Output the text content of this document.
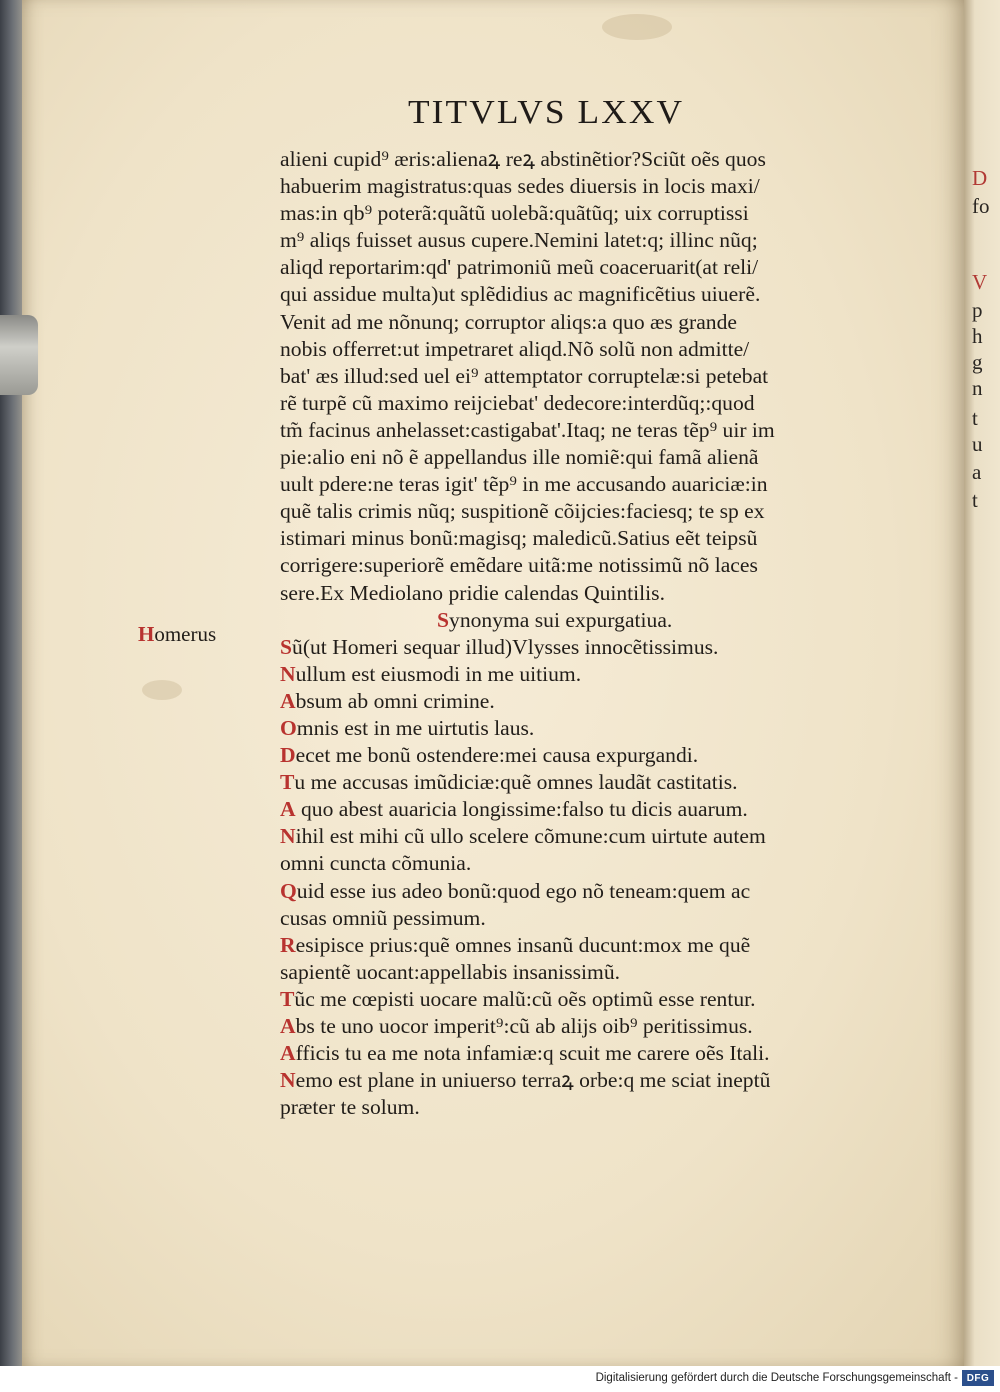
D
fo
V
p
h
g
n
t
u
a
t
TITVLVS LXXV
Homerus
alieni cupid⁹ æris:alienaꝝ reꝝ abstinẽtior?Sciũt oẽs quos
habuerim magistratus:quas sedes diuersis in locis maxi/
mas:in qb⁹ poterã:quãtũ uolebã:quãtũq; uix corruptissi
m⁹ aliqs fuisset ausus cupere.Nemini latet:q; illinc nũq;
aliqd reportarim:qd' patrimoniũ meũ coaceruarit(at reli/
qui assidue multa)ut splẽdidius ac magnificẽtius uiuerẽ.
Venit ad me nõnunq; corruptor aliqs:a quo æs grande
nobis offerret:ut impetraret aliqd.Nõ solũ non admitte/
bat' æs illud:sed uel ei⁹ attemptator corruptelæ:si petebat
rẽ turpẽ cũ maximo reijciebat' dedecore:interdũq;:quod
tm̃ facinus anhelasset:castigabat'.Itaq; ne teras tẽp⁹ uir im
pie:alio eni nõ ẽ appellandus ille nomiẽ:qui famã alienã
uult pdere:ne teras igit' tẽp⁹ in me accusando auariciæ:in
quẽ talis crimis nũq; suspitionẽ cõijcies:faciesq; te sp ex
istimari minus bonũ:magisq; maledicũ.Satius eẽt teipsũ
corrigere:superiorẽ emẽdare uitã:me notissimũ nõ laces
sere.Ex Mediolano pridie calendas Quintilis.
Synonyma sui expurgatiua.
Sũ(ut Homeri sequar illud)Vlysses innocẽtissimus.
Nullum est eiusmodi in me uitium.
Absum ab omni crimine.
Omnis est in me uirtutis laus.
Decet me bonũ ostendere:mei causa expurgandi.
Tu me accusas imũdiciæ:quẽ omnes laudãt castitatis.
A quo abest auaricia longissime:falso tu dicis auarum.
Nihil est mihi cũ ullo scelere cõmune:cum uirtute autem
omni cuncta cõmunia.
Quid esse ius adeo bonũ:quod ego nõ teneam:quem ac
cusas omniũ pessimum.
Resipisce prius:quẽ omnes insanũ ducunt:mox me quẽ
sapientẽ uocant:appellabis insanissimũ.
Tũc me cœpisti uocare malũ:cũ oẽs optimũ esse rentur.
Abs te uno uocor imperit⁹:cũ ab alijs oib⁹ peritissimus.
Afficis tu ea me nota infamiæ:q scuit me carere oẽs Itali.
Nemo est plane in uniuerso terraꝝ orbe:q me sciat ineptũ
præter te solum.
Digitalisierung gefördert durch die Deutsche Forschungsgemeinschaft - DFG
